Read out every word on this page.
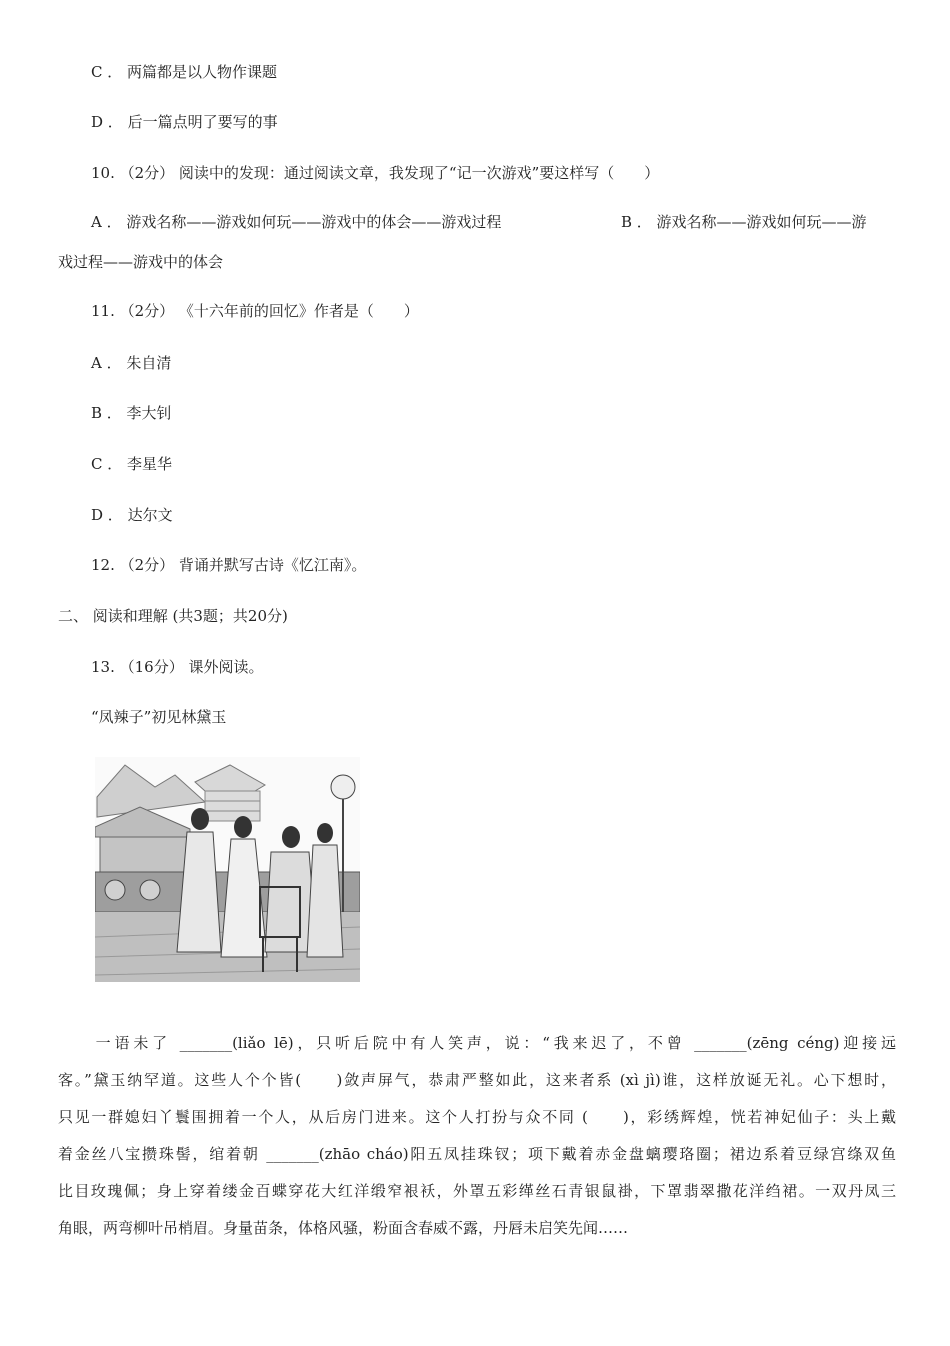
C ． 两篇都是以人物作课题
D ． 后一篇点明了要写的事
10. （2分） 阅读中的发现：通过阅读文章，我发现了“记一次游戏”要这样写（　　）
A ． 游戏名称——游戏如何玩——游戏中的体会——游戏过程	B ． 游戏名称——游戏如何玩——游
戏过程——游戏中的体会
11. （2分） 《十六年前的回忆》作者是（　　）
A ． 朱自清
B ． 李大钊
C ． 李星华
D ． 达尔文
12. （2分） 背诵并默写古诗《忆江南》。
二、 阅读和理解 (共3题；共20分)
13. （16分） 课外阅读。
“凤辣子”初见林黛玉
　　一语未了 _______(liǎo lē)，只听后院中有人笑声，说：“我来迟了，不曾 _______(zēng céng)迎接远
客。”黛玉纳罕道。这些人个个皆(　　)敛声屏气，恭肃严整如此，这来者系 (xì jì)谁，这样放诞无礼。心下想时，
只见一群媳妇丫鬟围拥着一个人，从后房门进来。这个人打扮与众不同 (　　)，彩绣辉煌，恍若神妃仙子：头上戴
着金丝八宝攒珠髻，绾着朝 _______(zhāo cháo)阳五凤挂珠钗；项下戴着赤金盘螭璎珞圈；裙边系着豆绿宫绦双鱼
比目玫瑰佩；身上穿着缕金百蝶穿花大红洋缎窄裉袄，外罩五彩缂丝石青银鼠褂，下罩翡翠撒花洋绉裙。一双丹凤三
角眼，两弯柳叶吊梢眉。身量苗条，体格风骚，粉面含春威不露，丹唇未启笑先闻……
